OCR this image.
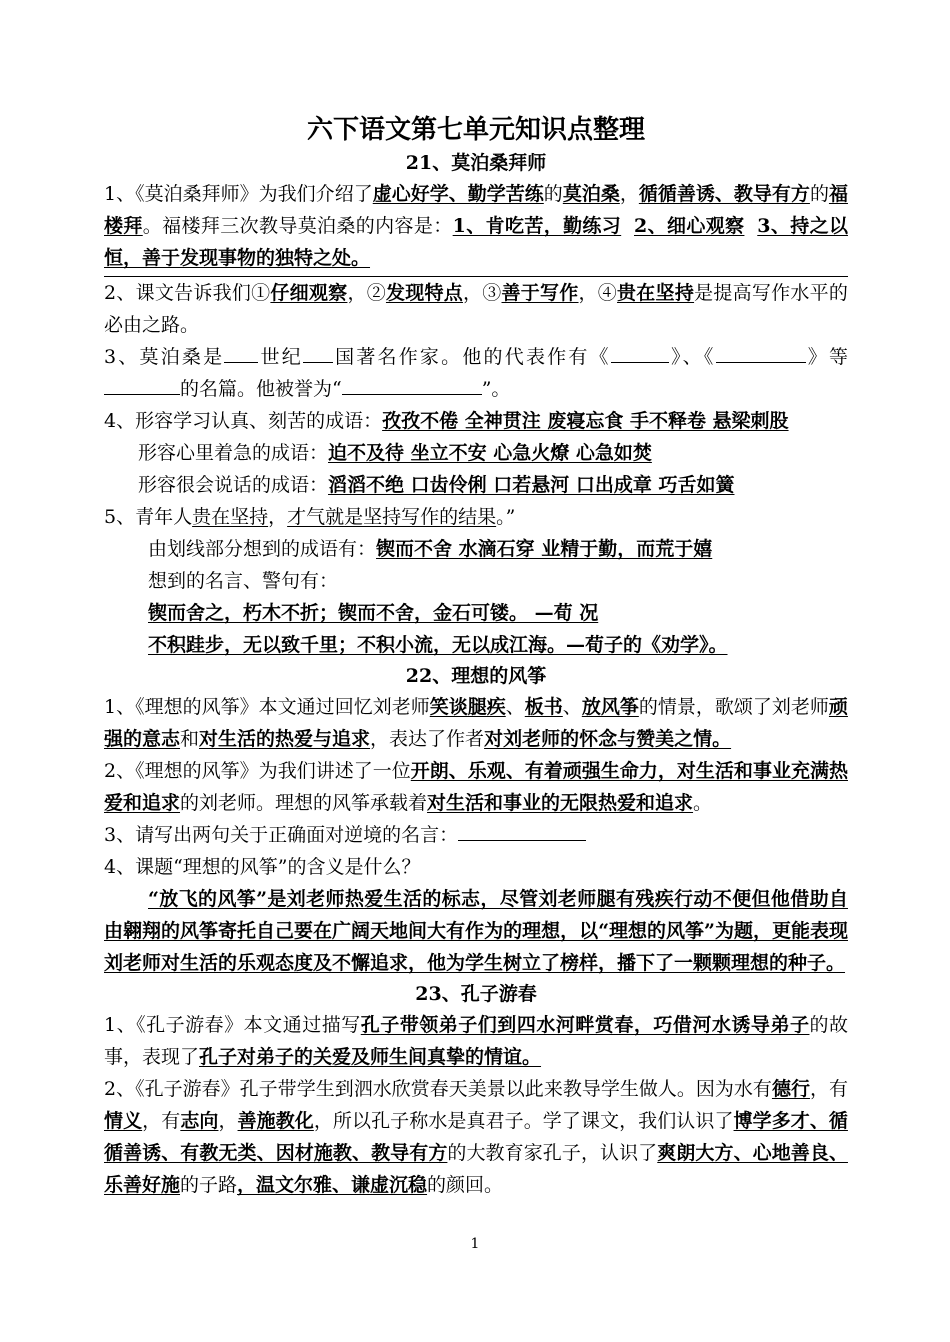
六下语文第七单元知识点整理
21、莫泊桑拜师

1、《莫泊桑拜师》为我们介绍了虚心好学、勤学苦练的莫泊桑，循循善诱、教导有方的福楼拜。福楼拜三次教导莫泊桑的内容是：1、肯吃苦，勤练习 2、细心观察 3、持之以恒，善于发现事物的独特之处。

2、课文告诉我们①仔细观察，②发现特点，③善于写作，④贵在坚持是提高写作水平的必由之路。

3、莫泊桑是 世纪 国著名作家。他的代表作有《	》、《	》等的名篇。他被誉为“	”。

4、形容学习认真、刻苦的成语：孜孜不倦 全神贯注 废寝忘食 手不释卷 悬梁刺股

形容心里着急的成语：迫不及待 坐立不安 心急火燎 心急如焚

形容很会说话的成语：滔滔不绝 口齿伶俐 口若悬河 口出成章 巧舌如簧

5、青年人贵在坚持，才气就是坚持写作的结果。”

由划线部分想到的成语有：锲而不舍 水滴石穿 业精于勤，而荒于嬉

想到的名言、警句有：

锲而舍之，朽木不折；锲而不舍，金石可镂。 —荀 况

不积跬步，无以致千里；不积小流，无以成江海。—荀子的《劝学》。

22、理想的风筝

1、《理想的风筝》本文通过回忆刘老师笑谈腿疾、板书、放风筝的情景，歌颂了刘老师顽强的意志和对生活的热爱与追求，表达了作者对刘老师的怀念与赞美之情。

2、《理想的风筝》为我们讲述了一位开朗、乐观、有着顽强生命力，对生活和事业充满热爱和追求的刘老师。理想的风筝承载着对生活和事业的无限热爱和追求。

3、请写出两句关于正确面对逆境的名言：

4、课题“理想的风筝”的含义是什么？

“放飞的风筝”是刘老师热爱生活的标志，尽管刘老师腿有残疾行动不便但他借助自由翱翔的风筝寄托自己要在广阔天地间大有作为的理想，以“理想的风筝”为题，更能表现刘老师对生活的乐观态度及不懈追求，他为学生树立了榜样，播下了一颗颗理想的种子。

23、孔子游春

1、《孔子游春》本文通过描写孔子带领弟子们到四水河畔赏春，巧借河水诱导弟子的故事，表现了孔子对弟子的关爱及师生间真挚的情谊。

2、《孔子游春》孔子带学生到泗水欣赏春天美景以此来教导学生做人。因为水有德行，有情义，有志向，善施教化，所以孔子称水是真君子。学了课文，我们认识了博学多才、循循善诱、有教无类、因材施教、教导有方的大教育家孔子，认识了爽朗大方、心地善良、乐善好施的子路，温文尔雅、谦虚沉稳的颜回。

1
